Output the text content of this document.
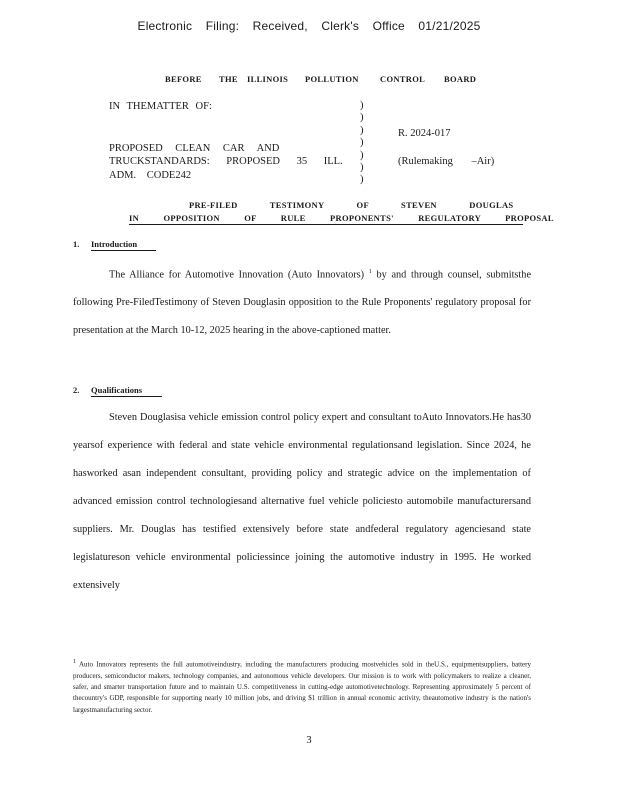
Electronic Filing: Received, Clerk's Office 01/21/2025
BEFORE THE ILLINOIS POLLUTION	CONTROL BOARD
IN THEMATTER OF:
PROPOSED CLEAN CAR AND
TRUCKSTANDARDS: PROPOSED 35 ILL.
ADM. CODE242
)
)
)
)
)
)
)
R. 2024-017
(Rulemaking –Air)
PRE-FILED TESTIMONY OF STEVEN DOUGLAS
IN OPPOSITION OF RULE PROPONENTS' REGULATORY PROPOSAL
1. Introduction
The Alliance for Automotive Innovation (Auto Innovators) $^1$ by and through counsel, submitsthe following Pre-FiledTestimony of Steven Douglasin opposition to the Rule Proponents' regulatory proposal for presentation at the March 10-12, 2025 hearing in the above-captioned matter.
2. Qualifications
Steven Douglasisa vehicle emission control policy expert and consultant toAuto Innovators.He has30 yearsof experience with federal and state vehicle environmental regulationsand legislation. Since 2024, he hasworked asan independent consultant, providing policy and strategic advice on the implementation of advanced emission control technologiesand alternative fuel vehicle policiesto automobile manufacturersand suppliers. Mr. Douglas has testified extensively before state andfederal regulatory agenciesand state legislatureson vehicle environmental policiessince joining the automotive industry in 1995. He worked extensively
$^1$ Auto Innovators represents the full automotiveindustry, including the manufacturers producing mostvehicles sold in theU.S., equipmentsuppliers, battery producers, semiconductor makers, technology companies, and autonomous vehicle developers. Our mission is to work with policymakers to realize a cleaner, safer, and smarter transportation future and to maintain U.S. competitiveness in cutting-edge automotivetechnology. Representing approximately 5 percent of thecountry's GDP, responsible for supporting nearly 10 million jobs, and driving $1 trillion in annual economic activity, theautomotive industry is the nation's largestmanufacturing sector.
3
